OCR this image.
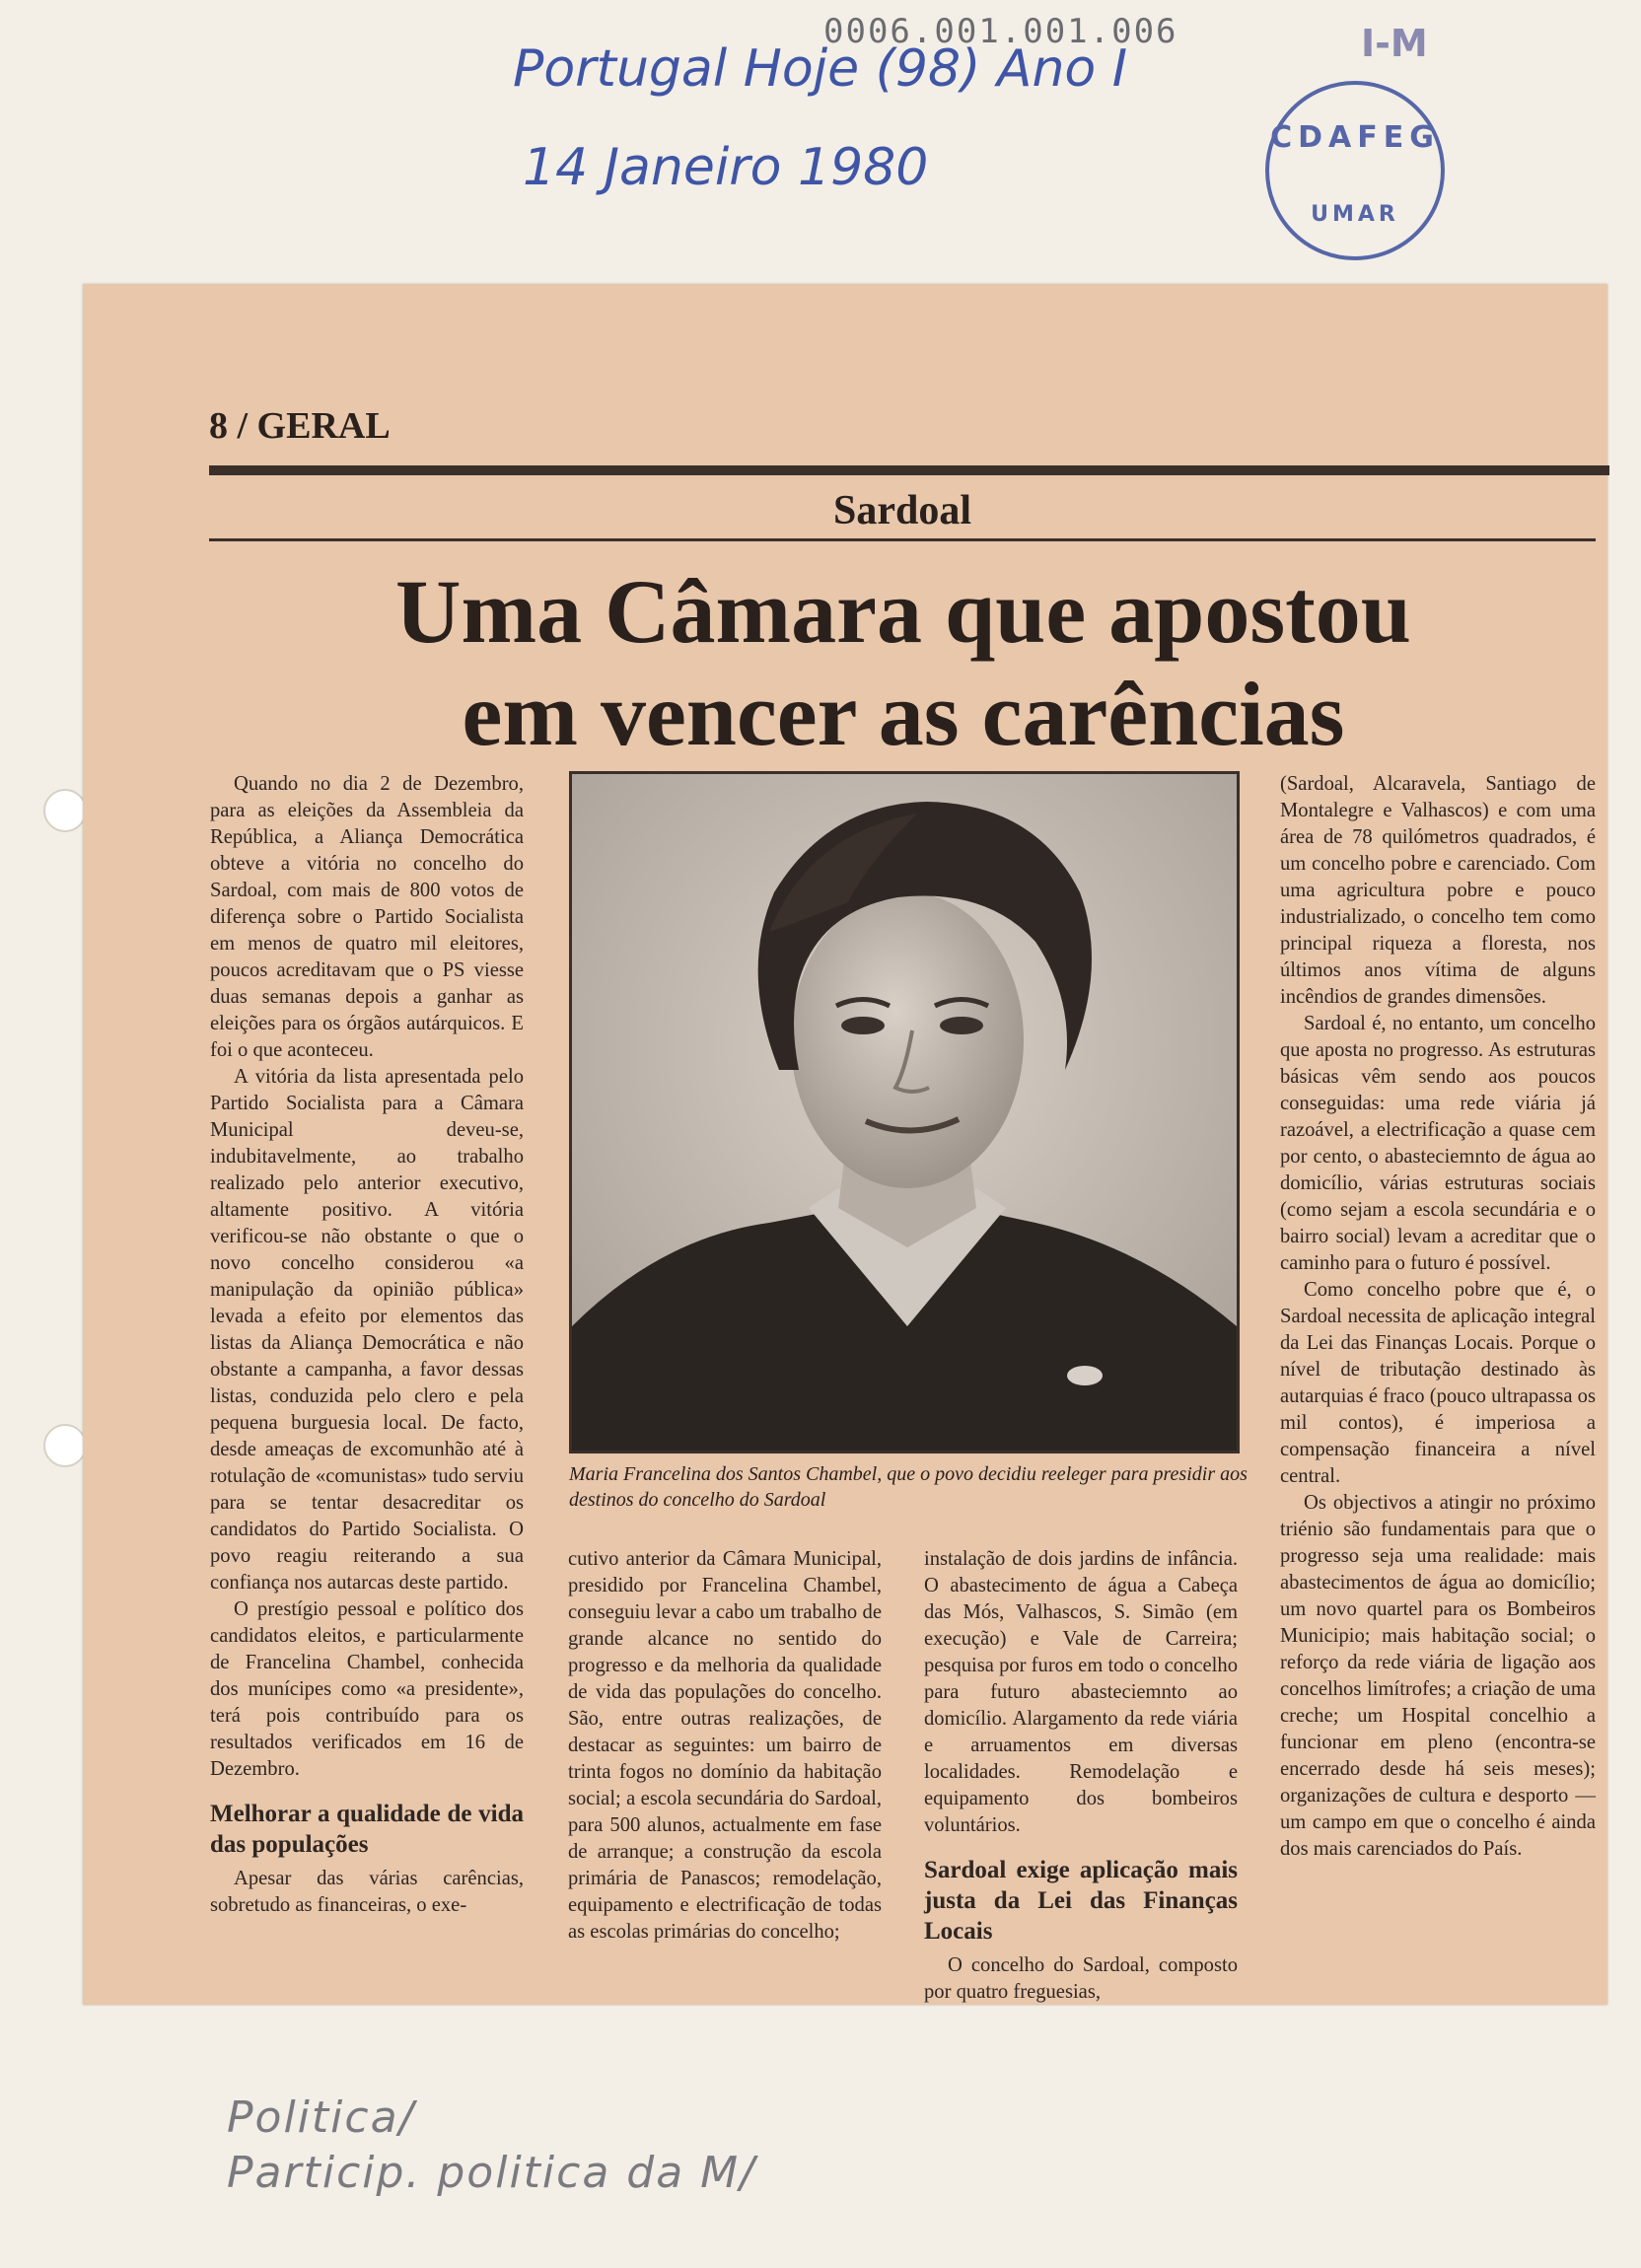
0006.001.001.006
Portugal Hoje (98) Ano I
14 Janeiro 1980
I-M
CDAFEG
UMAR
8 / GERAL
Sardoal
Uma Câmara que apostou
em vencer as carências

Quando no dia 2 de Dezembro, para as eleições da Assembleia da República, a Aliança Democrática obteve a vitória no concelho do Sardoal, com mais de 800 votos de diferença sobre o Partido Socialista em menos de quatro mil eleitores, poucos acreditavam que o PS viesse duas semanas depois a ganhar as eleições para os órgãos autárquicos. E foi o que aconteceu.

A vitória da lista apresentada pelo Partido Socialista para a Câmara Municipal deveu-se, indubitavelmente, ao trabalho realizado pelo anterior executivo, altamente positivo. A vitória verificou-se não obstante o que o novo concelho considerou «a manipulação da opinião pública» levada a efeito por elementos das listas da Aliança Democrática e não obstante a campanha, a favor dessas listas, conduzida pelo clero e pela pequena burguesia local. De facto, desde ameaças de excomunhão até à rotulação de «comunistas» tudo serviu para se tentar desacreditar os candidatos do Partido Socialista. O povo reagiu reiterando a sua confiança nos autarcas deste partido.

O prestígio pessoal e político dos candidatos eleitos, e particularmente de Francelina Chambel, conhecida dos munícipes como «a presidente», terá pois contribuído para os resultados verificados em 16 de Dezembro.

Melhorar a qualidade de vida das populações

Apesar das várias carências, sobretudo as financeiras, o exe-

Maria Francelina dos Santos Chambel, que o povo decidiu reeleger para presidir aos destinos do concelho do Sardoal

cutivo anterior da Câmara Municipal, presidido por Francelina Chambel, conseguiu levar a cabo um trabalho de grande alcance no sentido do progresso e da melhoria da qualidade de vida das populações do concelho. São, entre outras realizações, de destacar as seguintes: um bairro de trinta fogos no domínio da habitação social; a escola secundária do Sardoal, para 500 alunos, actualmente em fase de arranque; a construção da escola primária de Panascos; remodelação, equipamento e electrificação de todas as escolas primárias do concelho;

instalação de dois jardins de infância. O abastecimento de água a Cabeça das Mós, Valhascos, S. Simão (em execução) e Vale de Carreira; pesquisa por furos em todo o concelho para futuro abasteciemnto ao domicílio. Alargamento da rede viária e arruamentos em diversas localidades. Remodelação e equipamento dos bombeiros voluntários.

Sardoal exige aplicação mais justa da Lei das Finanças Locais

O concelho do Sardoal, composto por quatro freguesias,

(Sardoal, Alcaravela, Santiago de Montalegre e Valhascos) e com uma área de 78 quilómetros quadrados, é um concelho pobre e carenciado. Com uma agricultura pobre e pouco industrializado, o concelho tem como principal riqueza a floresta, nos últimos anos vítima de alguns incêndios de grandes dimensões.

Sardoal é, no entanto, um concelho que aposta no progresso. As estruturas básicas vêm sendo aos poucos conseguidas: uma rede viária já razoável, a electrificação a quase cem por cento, o abasteciemnto de água ao domicílio, várias estruturas sociais (como sejam a escola secundária e o bairro social) levam a acreditar que o caminho para o futuro é possível.

Como concelho pobre que é, o Sardoal necessita de aplicação integral da Lei das Finanças Locais. Porque o nível de tributação destinado às autarquias é fraco (pouco ultrapassa os mil contos), é imperiosa a compensação financeira a nível central.

Os objectivos a atingir no próximo triénio são fundamentais para que o progresso seja uma realidade: mais abastecimentos de água ao domicílio; um novo quartel para os Bombeiros Municipio; mais habitação social; o reforço da rede viária de ligação aos concelhos limítrofes; a criação de uma creche; um Hospital concelhio a funcionar em pleno (encontra-se encerrado desde há seis meses); organizações de cultura e desporto — um campo em que o concelho é ainda dos mais carenciados do País.

Politica/
Particip. politica da M/
